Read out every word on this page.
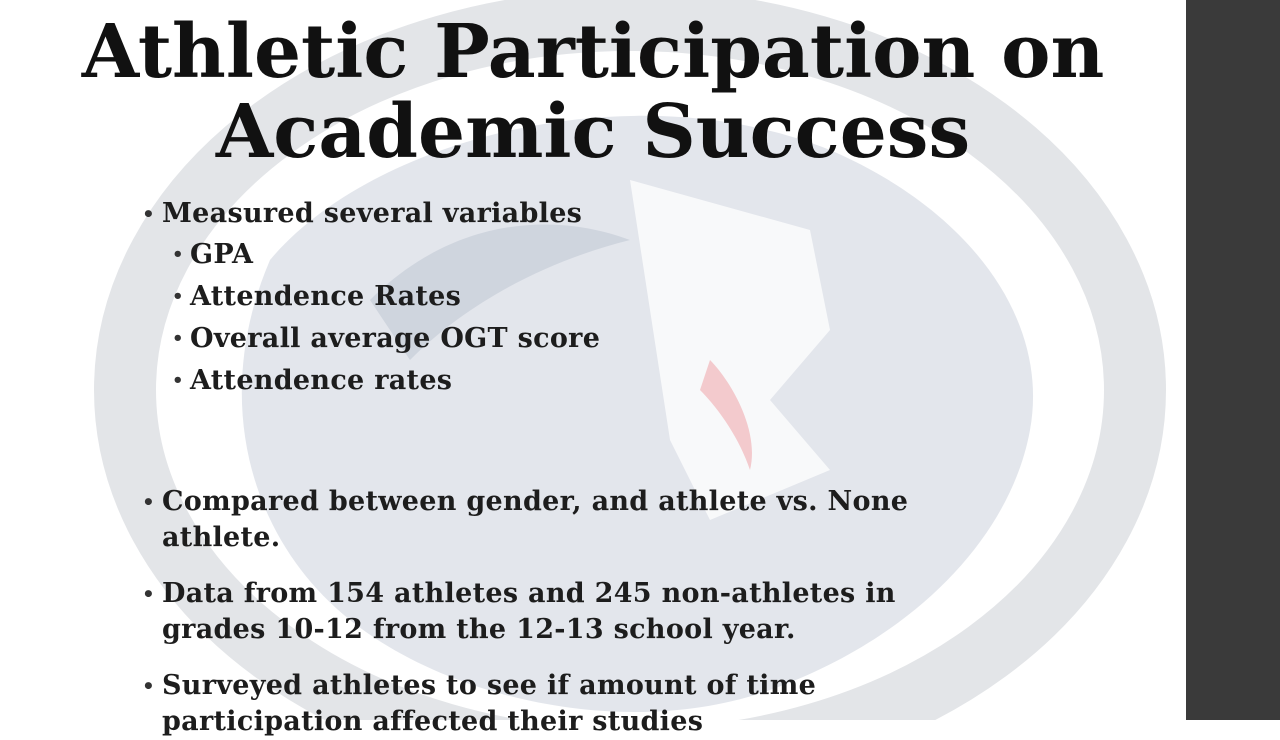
Athletic Participation on
Academic Success
• Measured several variables
• GPA
• Attendence Rates
• Overall average OGT score
• Attendence rates
• Compared between gender, and athlete vs. None athlete.
• Data from 154 athletes and 245 non-athletes in grades 10-12 from the 12-13 school year.
• Surveyed athletes to see if amount of time participation affected their studies
